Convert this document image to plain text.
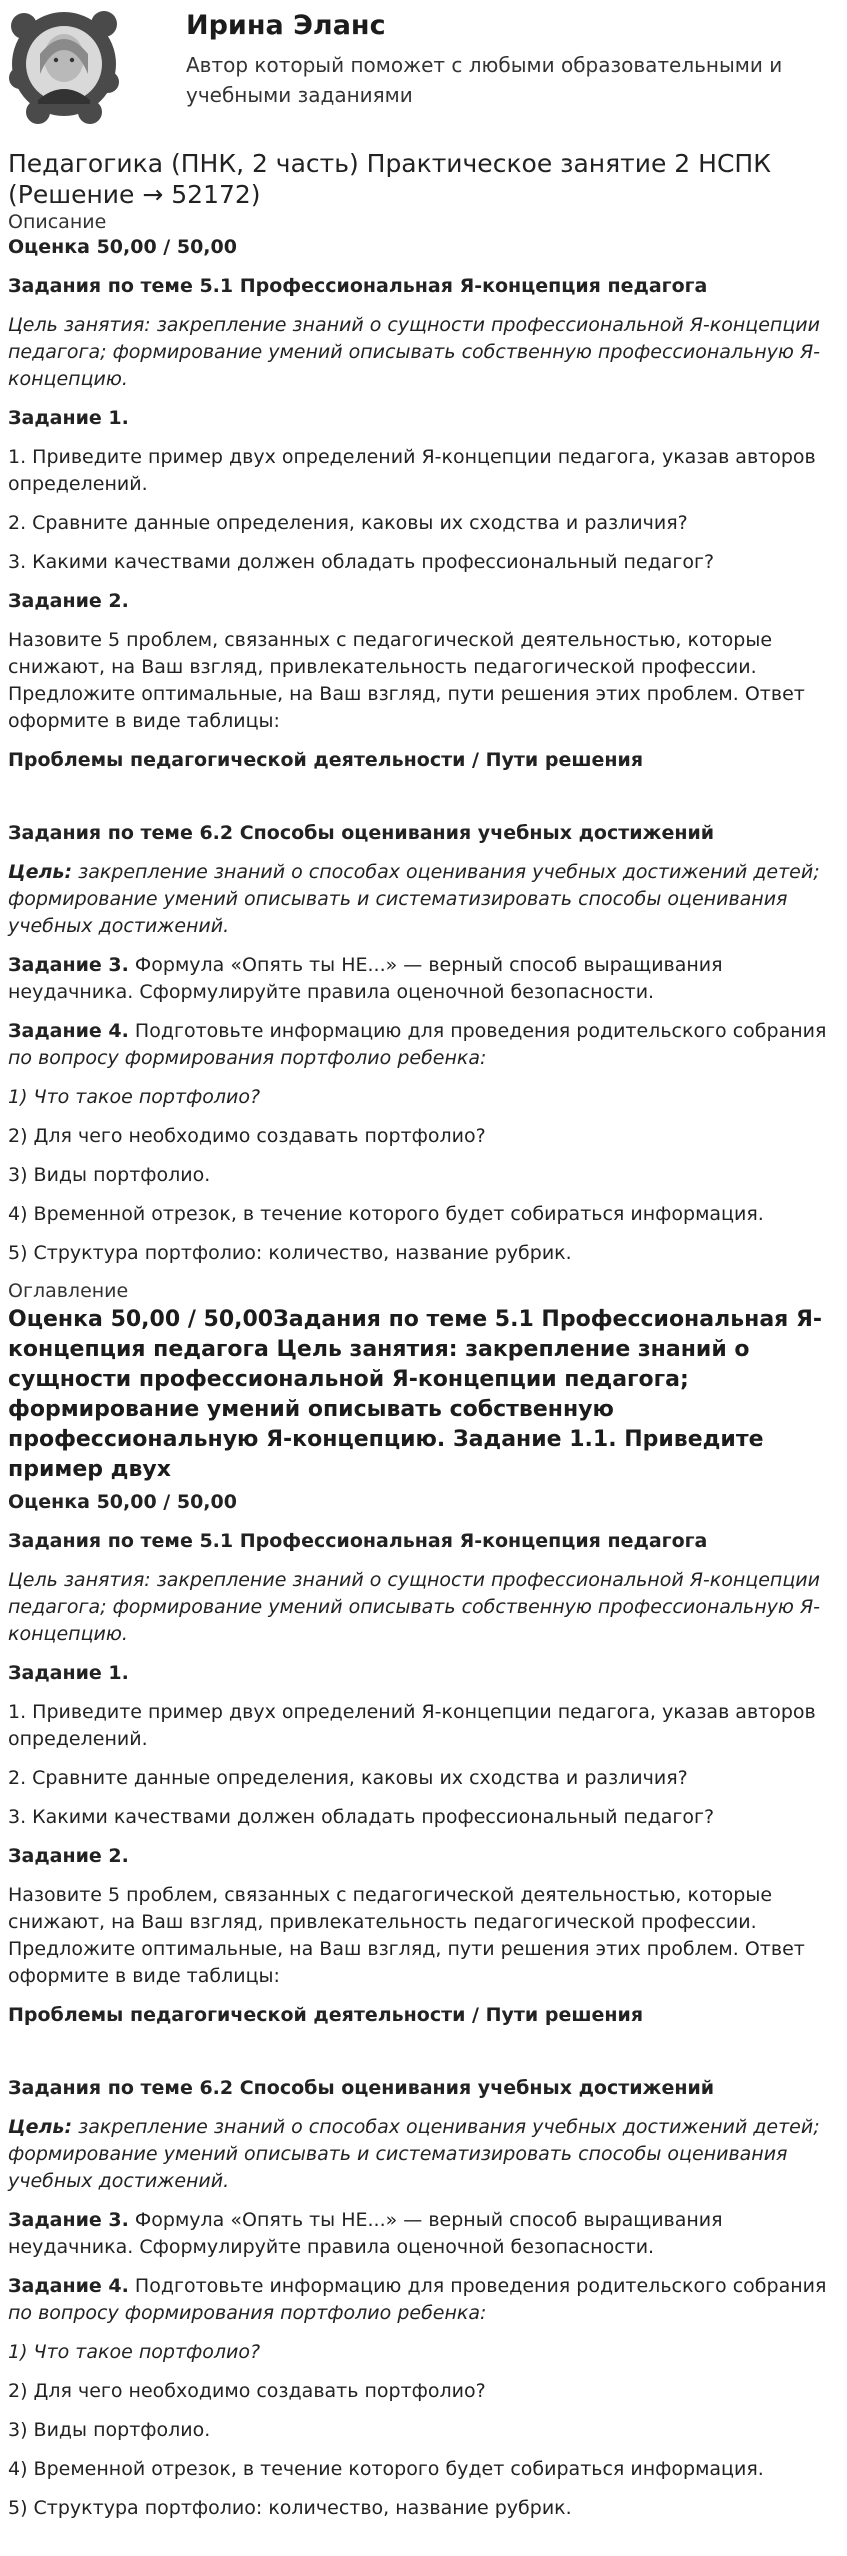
Ирина Эланс
Автор который поможет с любыми образовательными и учебными заданиями
Педагогика (ПНК, 2 часть) Практическое занятие 2 НСПК (Решение → 52172)
Описание

Оценка 50,00 / 50,00

Задания по теме 5.1 Профессиональная Я-концепция педагога

Цель занятия: закрепление знаний о сущности профессиональной Я-концепции педагога; формирование умений описывать собственную профессиональную Я-концепцию.

Задание 1.

1. Приведите пример двух определений Я-концепции педагога, указав авторов определений.

2. Сравните данные определения, каковы их сходства и различия?

3. Какими качествами должен обладать профессиональный педагог?

Задание 2.

Назовите 5 проблем, связанных с педагогической деятельностью, которые снижают, на Ваш взгляд, привлекательность педагогической профессии. Предложите оптимальные, на Ваш взгляд, пути решения этих проблем. Ответ оформите в виде таблицы:

Проблемы педагогической деятельности / Пути решения

Задания по теме 6.2 Способы оценивания учебных достижений

Цель: закрепление знаний о способах оценивания учебных достижений детей; формирование умений описывать и систематизировать способы оценивания учебных достижений.

Задание 3. Формула «Опять ты НЕ...» — верный способ выращивания неудачника. Сформулируйте правила оценочной безопасности.

Задание 4. Подготовьте информацию для проведения родительского собрания по вопросу формирования портфолио ребенка:

1) Что такое портфолио?

2) Для чего необходимо создавать портфолио?

3) Виды портфолио.

4) Временной отрезок, в течение которого будет собираться информация.

5) Структура портфолио: количество, название рубрик.

Оглавление
Оценка 50,00 / 50,00Задания по теме 5.1 Профессиональная Я-концепция педагога Цель занятия: закрепление знаний о сущности профессиональной Я-концепции педагога; формирование умений описывать собственную профессиональную Я-концепцию. Задание 1.1. Приведите пример двух

Оценка 50,00 / 50,00

Задания по теме 5.1 Профессиональная Я-концепция педагога

Цель занятия: закрепление знаний о сущности профессиональной Я-концепции педагога; формирование умений описывать собственную профессиональную Я-концепцию.

Задание 1.

1. Приведите пример двух определений Я-концепции педагога, указав авторов определений.

2. Сравните данные определения, каковы их сходства и различия?

3. Какими качествами должен обладать профессиональный педагог?

Задание 2.

Назовите 5 проблем, связанных с педагогической деятельностью, которые снижают, на Ваш взгляд, привлекательность педагогической профессии. Предложите оптимальные, на Ваш взгляд, пути решения этих проблем. Ответ оформите в виде таблицы:

Проблемы педагогической деятельности / Пути решения

Задания по теме 6.2 Способы оценивания учебных достижений

Цель: закрепление знаний о способах оценивания учебных достижений детей; формирование умений описывать и систематизировать способы оценивания учебных достижений.

Задание 3. Формула «Опять ты НЕ...» — верный способ выращивания неудачника. Сформулируйте правила оценочной безопасности.

Задание 4. Подготовьте информацию для проведения родительского собрания по вопросу формирования портфолио ребенка:

1) Что такое портфолио?

2) Для чего необходимо создавать портфолио?

3) Виды портфолио.

4) Временной отрезок, в течение которого будет собираться информация.

5) Структура портфолио: количество, название рубрик.
